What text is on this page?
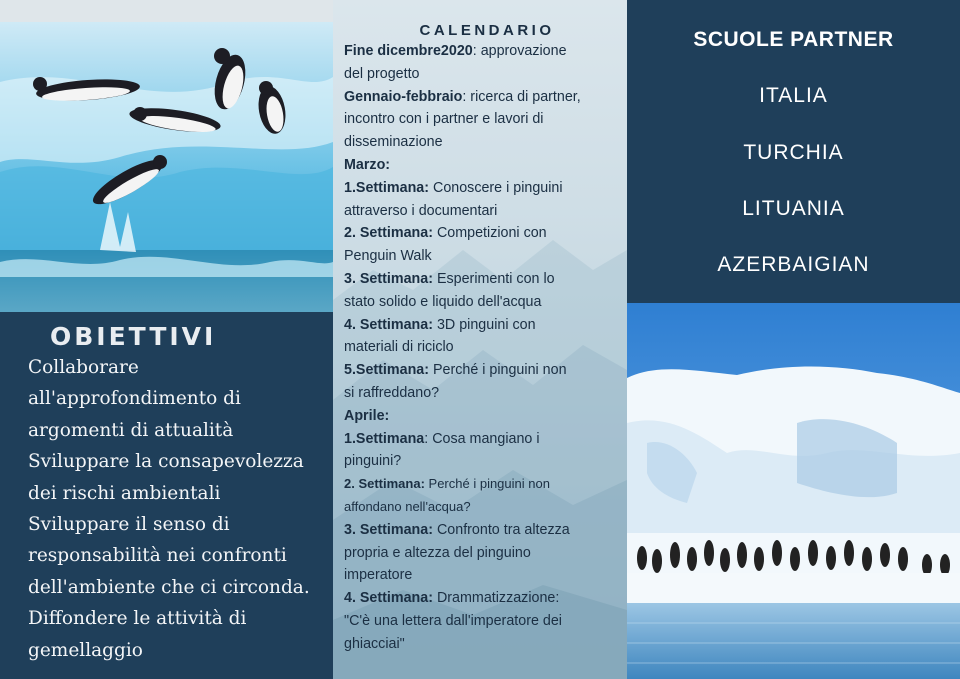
OBIETTIVI
Collaborare
all'approfondimento di
argomenti di attualità
Sviluppare la consapevolezza
dei rischi ambientali
Sviluppare il senso di
responsabilità nei confronti
dell'ambiente che ci circonda.
Diffondere le attività di
gemellaggio
CALENDARIO
Fine dicembre2020: approvazione
del progetto
Gennaio-febbraio: ricerca di partner,
incontro con i partner e lavori di
disseminazione
Marzo:
1.Settimana: Conoscere i pinguini
attraverso i documentari
2. Settimana: Competizioni con
Penguin Walk
3. Settimana: Esperimenti con lo
stato solido e liquido dell'acqua
4. Settimana: 3D pinguini con
materiali di riciclo
5.Settimana: Perché i pinguini non
si raffreddano?
Aprile:
1.Settimana: Cosa mangiano i
pinguini?
2. Settimana: Perché i pinguini non
affondano nell'acqua?
3. Settimana: Confronto tra altezza
propria e altezza del pinguino
imperatore
4. Settimana: Drammatizzazione:
"C'è una lettera dall'imperatore dei
ghiacciai"
SCUOLE PARTNER
ITALIA
TURCHIA
LITUANIA
AZERBAIGIAN
